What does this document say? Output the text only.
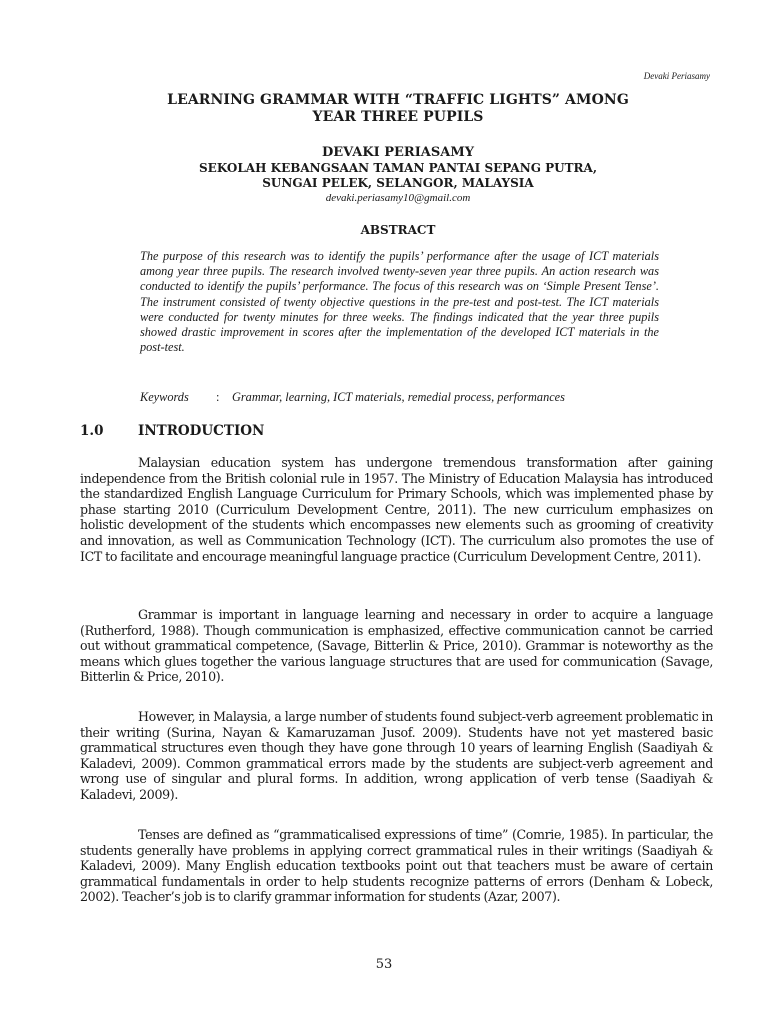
Devaki Periasamy
LEARNING GRAMMAR WITH “TRAFFIC LIGHTS” AMONG
YEAR THREE PUPILS
DEVAKI PERIASAMY
SEKOLAH KEBANGSAAN TAMAN PANTAI SEPANG PUTRA,
SUNGAI PELEK, SELANGOR, MALAYSIA
devaki.periasamy10@gmail.com
ABSTRACT

The purpose of this research was to identify the pupils’ performance after the usage of ICT materials among year three pupils. The research involved twenty-seven year three pupils. An action research was conducted to identify the pupils’ performance. The focus of this research was on ‘Simple Present Tense’. The instrument consisted of twenty objective questions in the pre-test and post-test. The ICT materials were conducted for twenty minutes for three weeks. The findings indicated that the year three pupils showed drastic improvement in scores after the implementation of the developed ICT materials in the post-test.

Keywords : Grammar, learning, ICT materials, remedial process, performances
1.0	INTRODUCTION

Malaysian education system has undergone tremendous transformation after gaining independence from the British colonial rule in 1957. The Ministry of Education Malaysia has introduced the standardized English Language Curriculum for Primary Schools, which was implemented phase by phase starting 2010 (Curriculum Development Centre, 2011). The new curriculum emphasizes on holistic development of the students which encompasses new elements such as grooming of creativity and innovation, as well as Communication Technology (ICT). The curriculum also promotes the use of ICT to facilitate and encourage meaningful language practice (Curriculum Development Centre, 2011).

Grammar is important in language learning and necessary in order to acquire a language (Rutherford, 1988). Though communication is emphasized, effective communication cannot be carried out without grammatical competence, (Savage, Bitterlin & Price, 2010). Grammar is noteworthy as the means which glues together the various language structures that are used for communication (Savage, Bitterlin & Price, 2010).

However, in Malaysia, a large number of students found subject-verb agreement problematic in their writing (Surina, Nayan & Kamaruzaman Jusof. 2009). Students have not yet mastered basic grammatical structures even though they have gone through 10 years of learning English (Saadiyah & Kaladevi, 2009). Common grammatical errors made by the students are subject-verb agreement and wrong use of singular and plural forms. In addition, wrong application of verb tense (Saadiyah & Kaladevi, 2009).

Tenses are defined as “grammaticalised expressions of time” (Comrie, 1985). In particular, the students generally have problems in applying correct grammatical rules in their writings (Saadiyah & Kaladevi, 2009). Many English education textbooks point out that teachers must be aware of certain grammatical fundamentals in order to help students recognize patterns of errors (Denham & Lobeck, 2002). Teacher’s job is to clarify grammar information for students (Azar, 2007).

53
